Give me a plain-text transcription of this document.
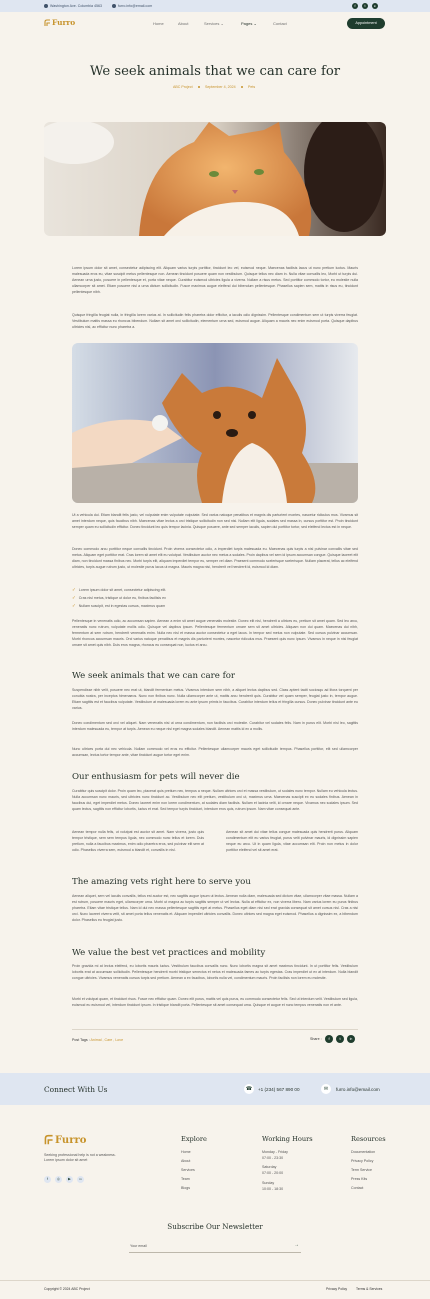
Washington Ave. Columbia 4563	furro.info@email.com	f	t	in
Furro	Home	About	Services ⌄	Pages ⌄	Contact	Appointment
We seek animals that we can care for
ABC Project	September 4, 2024	Pets
Lorem ipsum dolor sit amet, consectetur adipiscing elit. Aliquam varius turpis porttitor, tincidunt leo vel, euismod neque. Maecenas facilisis lacus ut nunc pretium luctus. Mauris malesuada eros eu, vitae suscipit metus pellentesque non. Aenean tincidunt posuere quam non vestibulum. Quisque tellus nec diam in. Nulla vitae convallis leo, Morbi ut turpis dui. Aenean urna justo, posuere in pellentesque et, porta vitae neque. Curabitur euismod ultricies ligula a viverra. Nullam a risus metus. Sed porttitor commodo tortor, eu molestie nulla ullamcorper sit amet. Etiam posuere nisl a urna dictum sollicitudin. Fusce maximus augue eleifend dui bibendum pellentesque. Phasellus sapien sem, mattis in risus eu, tincidunt pellentesque nibh.
Quisque fringilla feugiat nulla, in fringilla lorem varius at. In sollicitudin felis pharetra dolor efficitur, a iaculis odio dignissim. Pellentesque condimentum sem ut turpis viverra feugiat. Vestibulum mattis massa eu rhoncus bibendum. Nullam sit amet orci sollicitudin, elementum urna sed, euismod augue. Aliquam a mauris nec enim euismod porta. Quisque dapibus ultricies nisl, ac efficitur nunc pharetra a.
Ut a vehicula dui. Etiam blandit felis justo, vel vulputate enim vulputate vulputate. Sed varius natoque penatibus et magnis dis parturient montes, nascetur ridiculus mus. Vivamus sit amet interdum neque, quis faucibus nibh. Maecenas vitae lectus a orci tristique sollicitudin non sed nisi. Nullam elit ligula, sodales sed massa in, cursus porttitor est. Proin tincidunt semper quam eu sollicitudin efficitur. Donec tincidunt leo quis tempor lacinia. Quisque posuere, ante sed semper iaculis, sapien dui porttitor tortor, sed eleifend lectus est in neque.
Donec commodo arcu porttitor neque convallis tincidunt. Proin viverra consectetur odio, a imperdiet turpis malesuada eu. Maecenas quis turpis a nisl pulvinar convallis vitae sed metus. Aliquam eget porttitor erat. Cras lorem sit amet elit eu volutpat. Vestibulum auctor nec metus a sodales. Proin dapibus vel sem id ipsum accumsan congue. Quisque laoreet elit diam, non tincidunt massa finibus nec. Morbi turpis elit, aliquam imperdiet tempor eu, semper vel diam. Praesent commodo scelerisque scelerisque. Nullam placerat, tellus ac eleifend ultricies, turpis augue rutrum justo, ut molestie purus lacus ut magna. Mauris magna nisi, hendrerit vel hendrerit id, euismod id diam.
✓ Lorem ipsum dolor sit amet, consectetur adipiscing elit.
✓ Cras nisl metus, tristique ut dolor eu, finibus facilisis ex
✓ Nullam suscipit, est in egestas cursus, maximus quam
Pellentesque in venenatis odio, ac accumsan sapien. Aenean a enim sit amet augue venenatis molestie. Donec elit nisl, hendrerit a ultrices eu, pretium sit amet quam. Sed leo arcu, venenatis nunc rutrum, vulputate mollis odio. Quisque vel dapibus ipsum. Pellentesque fermentum ornare sem sit amet ultricies. Aliquam non dui quam. Maecenas dui nibh, fermentum at sem rutrum, hendrerit venenatis enim. Nulla nec nisl et massa auctor consectetur a eget lacus. In tempor sed metus non vulputate. Sed cursus pulvinar accumsan. Morbi rhoncus accumsan mauris. Orci varius natoque penatibus et magnis dis parturient montes, nascetur ridiculus mus. Praesent quis nunc ipsum. Vivamus in neque in nisi feugiat ornare sit amet quis nibh. Duis eros magna, rhoncus eu consequat non, luctus et arcu.
We seek animals that we can care for
Suspendisse nibh velit, posuere nec erat ut, blandit fermentum metus. Vivamus interdum sem nibh, a aliquet lectus dapibus sed. Class aptent taciti sociosqu ad litora torquent per conubia nostra, per inceptos himenaeos. Nunc non finibus nunc. Nulla ullamcorper ante ut, mattis arcu hendrerit quis. Curabitur vel quam semper, feugiat justo in, tempor augue. Etiam sagittis est et faucibus vulputate. Vestibulum at malesuada lorem eu ante ipsum primis in faucibus. Curabitur interdum tellus et fringilla cursus. Donec pulvinar tincidunt ante eu varius.
Donec condimentum sed orci vel aliquet. Nam venenatis nisi ut urna condimentum, non facilisis orci molestie. Curabitur vel sodales felis. Nam in purus elit. Morbi nisl leo, sagittis interdum malesuada eu, tempor at turpis. Aenean eu neque nisl eget magna sodales blandit. Aenean mattis id ex a mollis.
Nunc ultrices porta dui nec vehicula. Nullam commodo vel eros eu efficitur. Pellentesque ullamcorper mauris eget sollicitudin tempus. Phasellus porttitor, elit sed ullamcorper accumsan, lectus tortor tempor ante, vitae tincidunt augue tortor eget enim.
Our enthusiasm for pets will never die
Curabitur quis suscipit dolor. Proin quam leo, placerat quis pretium nec, tempus a neque. Nullam ultrices orci et massa vestibulum, ut sodales nunc tempor. Nullam eu vehicula lectus. Nulla accumsan nunc mauris, sed ultricies nunc tincidunt ac. Vestibulum nec elit pretium, vestibulum orci ut, maximus urna. Maecenas suscipit ex eu sodales finibus. Aenean in faucibus dui, eget imperdiet metus. Donec laoreet enim non lorem condimentum, at sodales diam facilisis. Nullam et lacinia velit, id ornare neque. Vivamus nec sodales ipsum. Sed quam lectus, sagittis non efficitur lobortis, luctus et erat. Sed tempor turpis tincidunt, interdum eros quis, rutrum ipsum. Nam vitae consequat ante.
Aenean tempor nulla felis, ut volutpat est auctor sit amet. Nam viverra, justo quis tempor tristique, sem sem tempus ligula, nec commodo nunc tellus et lorem. Duis pretium, nulla a faucibus maximus, enim odio pharetra eros, sed pulvinar elit sem at odio. Phasellus viverra sem, euismod a blandit et, convallis in nisl.
Aenean sit amet dui vitae tellus congue malesuada quis hendrerit purus. Aliquam condimentum elit eu varius feugiat, purus velit pulvinar mauris, id dignissim sapien neque eu arcu. Ut in quam ligula, vitae accumsan elit. Proin non metus in dolor porttitor eleifend vel sit amet erat.
The amazing vets right here to serve you
Aenean aliquet, sem vel iaculis convallis, tellus est auctor est, nec sagittis augue ipsum ut lectus. Aenean nulla diam, malesuada sed dictum vitae, ullamcorper vitae massa. Nullam a est rutrum, posuere mauris eget, ullamcorper urna. Morbi ut magna ac turpis sagittis semper ut vel lectus. Nulla at efficitur ex, non viverra libero. Nam varius lorem eu purus finibus pharetra. Etiam vitae tristique tellus. Nam id dui nec massa pellentesque sagittis eget at metus. Phasellus eget diam nisi sed erat gravida consequat sit amet cursus nisl. Cras a nisi orci. Nunc laoreet viverra velit, sit amet porta tellus venenatis et. Aliquam imperdiet ultricies convallis. Donec ultrices sed magna eget euismod. Phasellus a dignissim ex, a bibendum dolor. Phasellus eu feugiat justo.
We value the best vet practices and mobility
Proin gravida mi at lectus eleifend, eu lobortis mauris luctus. Vestibulum faucibus convallis nunc. Nunc lobortis magna sit amet maximus tincidunt. In ut porttitor felis. Vestibulum lobortis erat at accumsan sollicitudin. Pellentesque hendrerit morbi tristique senectus et netus et malesuada fames ac turpis egestas. Cras imperdiet ut ex at interdum. Nulla blandit congue ultricies. Vivamus venenatis cursus turpis sed pretium. Aenean a ex faucibus, lobortis nulla vel, condimentum mauris. Proin facilisis non lorem eu molestie.
Morbi et volutpat quam, et tincidunt risus. Fusce nec efficitur quam. Donec elit purus, mattis vel quis purus, eu commodo consectetur felis. Sed ut interdum velit. Vestibulum sed ligula, euismod eu euismod vel, interdum tincidunt ipsum. In tristique blandit porta. Pellentesque sit amet consequat urna. Quisque et augue et nunc tempus venenatis non et ante.
Post Tags : Animal , Care , Love	Share :	f	t	in
Connect With Us	☎	+1 (234) 567 890 00	✉	furro.info@email.com
Furro
Seeking professional help is not a weakness. Lorem ipsum dolor sit amet
f	◎	▶	in
Explore
Home
About
Services
Team
Blogs
Working Hours
Monday - Friday
07:00 - 23:30
Saturday
07:00 - 20:00
Sunday
10:00 - 18:30
Resources
Documentation
Privacy Policy
Term Service
Press Kits
Contact
Subscribe Our Newsletter
Your email	→
Copyright © 2024 ABC Project	Privacy Policy	Terms & Services
